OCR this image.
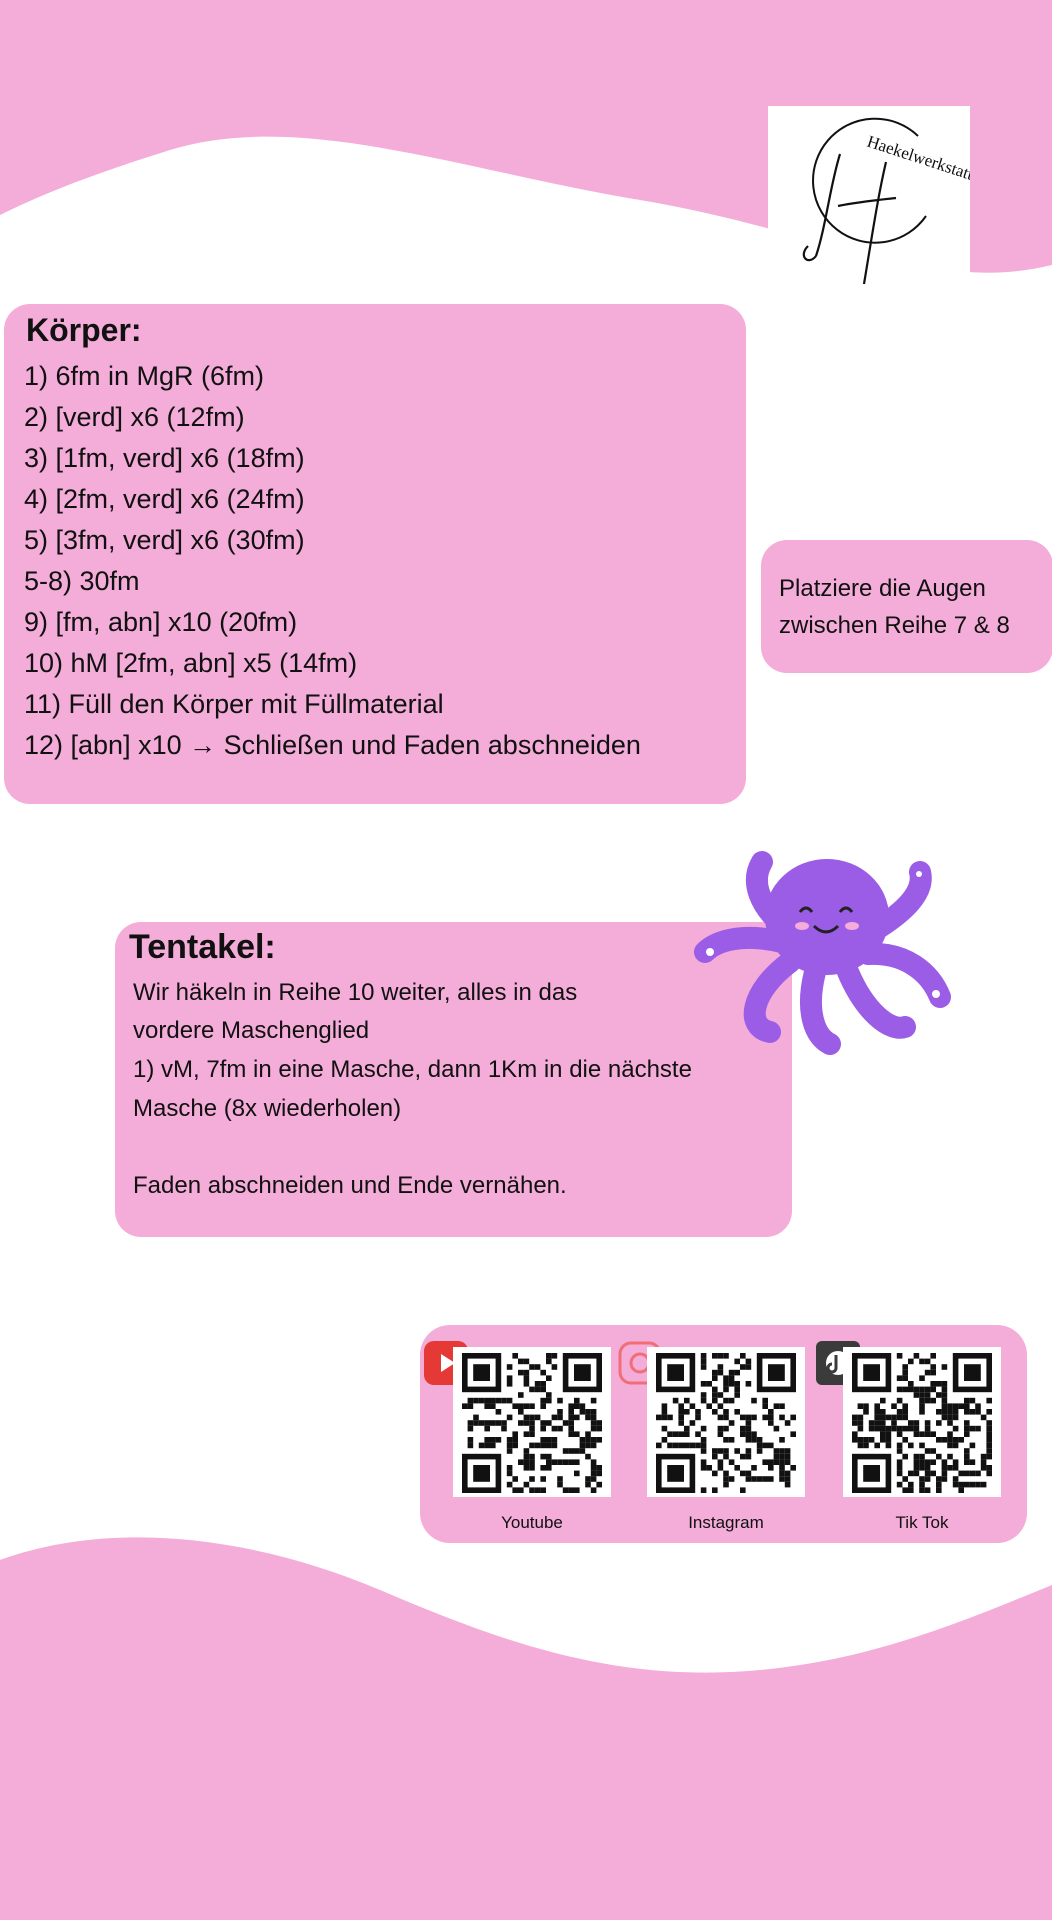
Haekelwerkstatt
Körper:
1) 6fm in MgR (6fm)
2) [verd] x6 (12fm)
3) [1fm, verd] x6 (18fm)
4) [2fm, verd] x6 (24fm)
5) [3fm, verd] x6 (30fm)
5-8) 30fm
9) [fm, abn] x10 (20fm)
10) hM [2fm, abn] x5 (14fm)
11) Füll den Körper mit Füllmaterial
12) [abn] x10 → Schließen und Faden abschneiden

Platziere die Augen
zwischen Reihe 7 & 8

Tentakel:
Wir häkeln in Reihe 10 weiter, alles in das
vordere Maschenglied
1) vM, 7fm in eine Masche, dann 1Km in die nächste
Masche (8x wiederholen)
Faden abschneiden und Ende vernähen.
Youtube	Instagram	Tik Tok
